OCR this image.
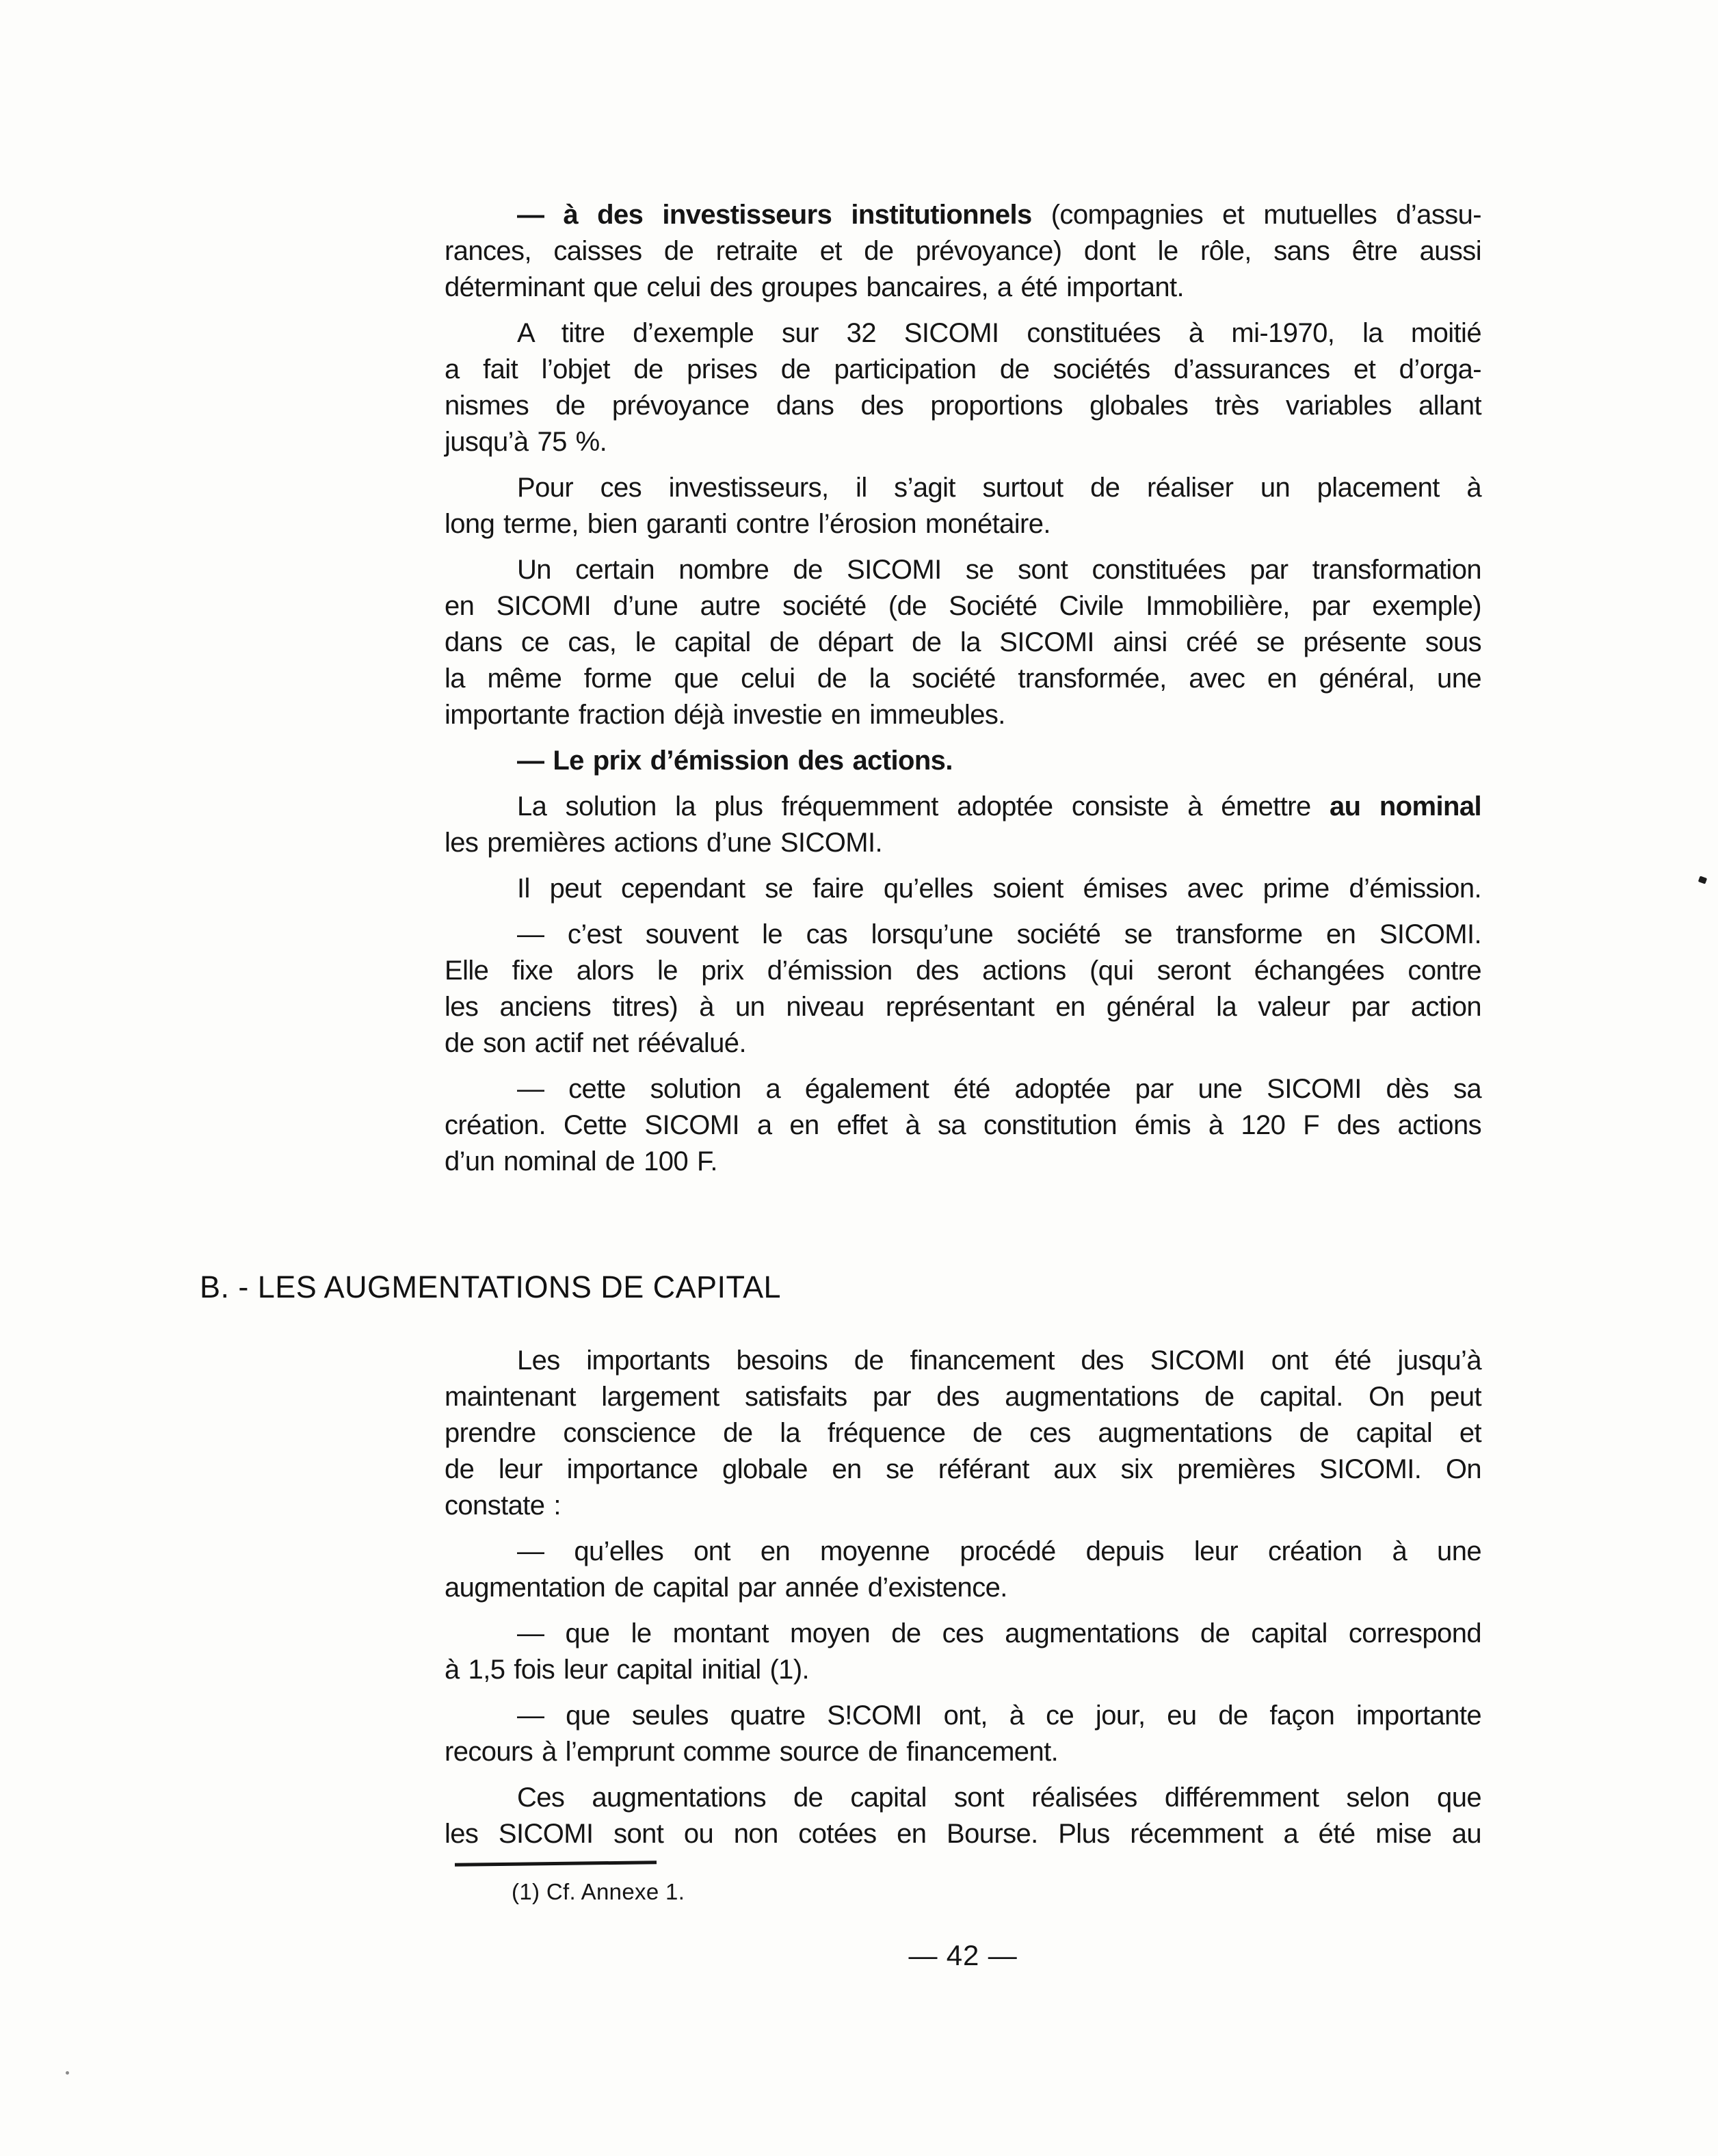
— à des investisseurs institutionnels (compagnies et mutuelles d’assu-
rances, caisses de retraite et de prévoyance) dont le rôle, sans être aussi
déterminant que celui des groupes bancaires, a été important.
A titre d’exemple sur 32 SICOMI constituées à mi-1970, la moitié
a fait l’objet de prises de participation de sociétés d’assurances et d’orga-
nismes de prévoyance dans des proportions globales très variables allant
jusqu’à 75 %.
Pour ces investisseurs, il s’agit surtout de réaliser un placement à
long terme, bien garanti contre l’érosion monétaire.
Un certain nombre de SICOMI se sont constituées par transformation
en SICOMI d’une autre société (de Société Civile Immobilière, par exemple)
dans ce cas, le capital de départ de la SICOMI ainsi créé se présente sous
la même forme que celui de la société transformée, avec en général, une
importante fraction déjà investie en immeubles.
— Le prix d’émission des actions.
La solution la plus fréquemment adoptée consiste à émettre au nominal
les premières actions d’une SICOMI.
Il peut cependant se faire qu’elles soient émises avec prime d’émission.
— c’est souvent le cas lorsqu’une société se transforme en SICOMI.
Elle fixe alors le prix d’émission des actions (qui seront échangées contre
les anciens titres) à un niveau représentant en général la valeur par action
de son actif net réévalué.
— cette solution a également été adoptée par une SICOMI dès sa
création. Cette SICOMI a en effet à sa constitution émis à 120 F des actions
d’un nominal de 100 F.
B. - LES AUGMENTATIONS DE CAPITAL
Les importants besoins de financement des SICOMI ont été jusqu’à
maintenant largement satisfaits par des augmentations de capital. On peut
prendre conscience de la fréquence de ces augmentations de capital et
de leur importance globale en se référant aux six premières SICOMI. On
constate :
— qu’elles ont en moyenne procédé depuis leur création à une
augmentation de capital par année d’existence.
— que le montant moyen de ces augmentations de capital correspond
à 1,5 fois leur capital initial (1).
— que seules quatre S!COMI ont, à ce jour, eu de façon importante
recours à l’emprunt comme source de financement.
Ces augmentations de capital sont réalisées différemment selon que
les SICOMI sont ou non cotées en Bourse. Plus récemment a été mise au
(1) Cf. Annexe 1.
— 42 —
